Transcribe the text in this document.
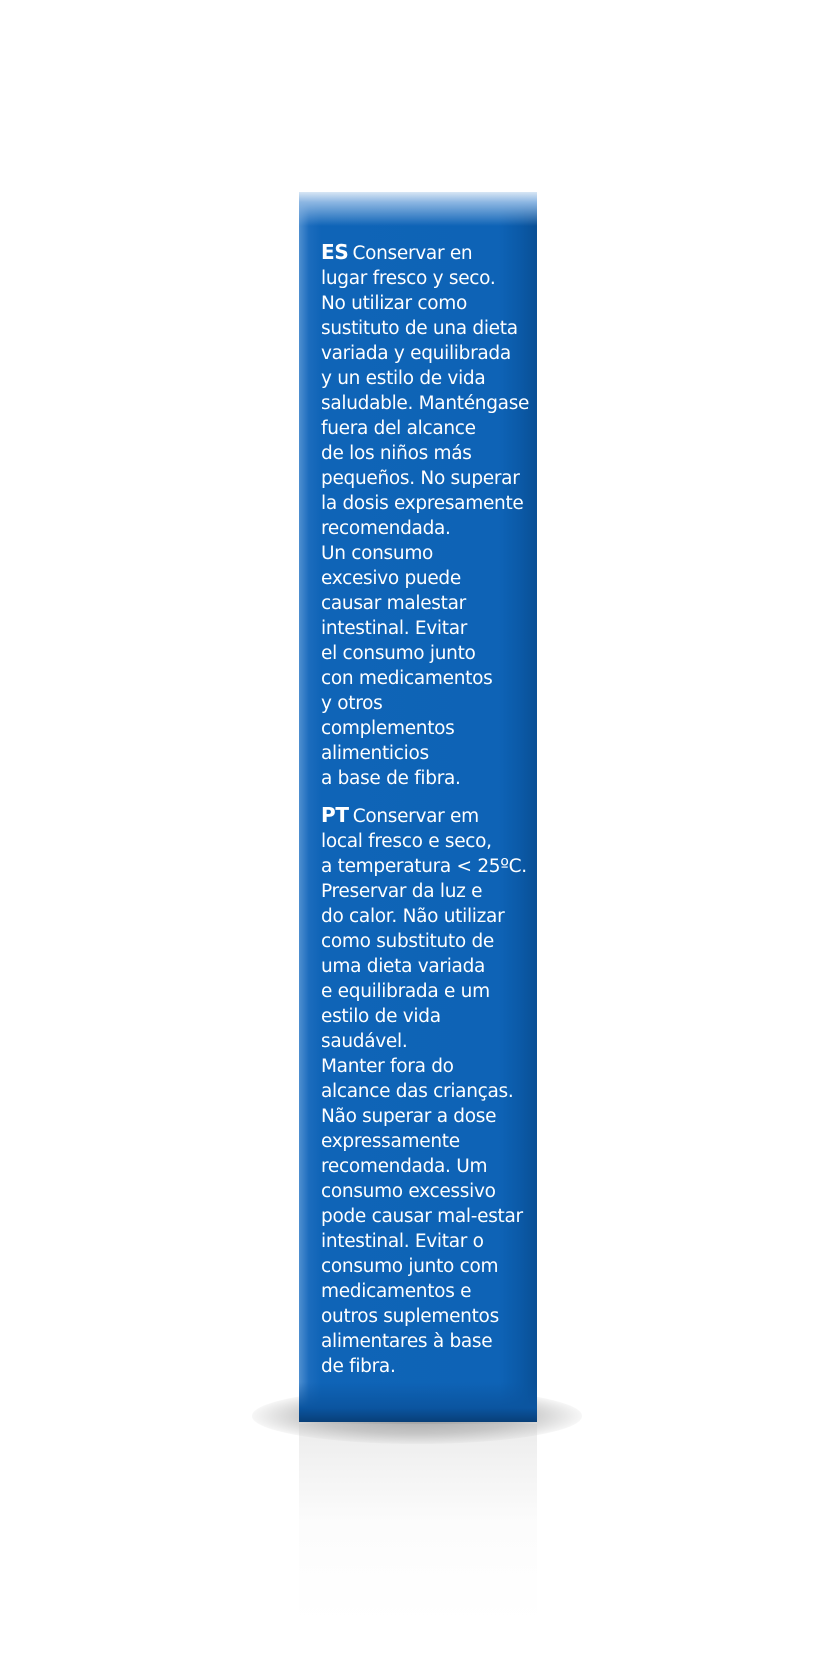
ES Conservar en
lugar fresco y seco.
No utilizar como
sustituto de una dieta
variada y equilibrada
y un estilo de vida
saludable. Manténgase
fuera del alcance
de los niños más
pequeños. No superar
la dosis expresamente
recomendada.
Un consumo
excesivo puede
causar malestar
intestinal. Evitar
el consumo junto
con medicamentos
y otros
complementos
alimenticios
a base de fibra.

PT Conservar em
local fresco e seco,
a temperatura < 25ºC.
Preservar da luz e
do calor. Não utilizar
como substituto de
uma dieta variada
e equilibrada e um
estilo de vida saudável.
Manter fora do
alcance das crianças.
Não superar a dose
expressamente
recomendada. Um
consumo excessivo
pode causar mal-estar
intestinal. Evitar o
consumo junto com
medicamentos e
outros suplementos
alimentares à base
de fibra.
